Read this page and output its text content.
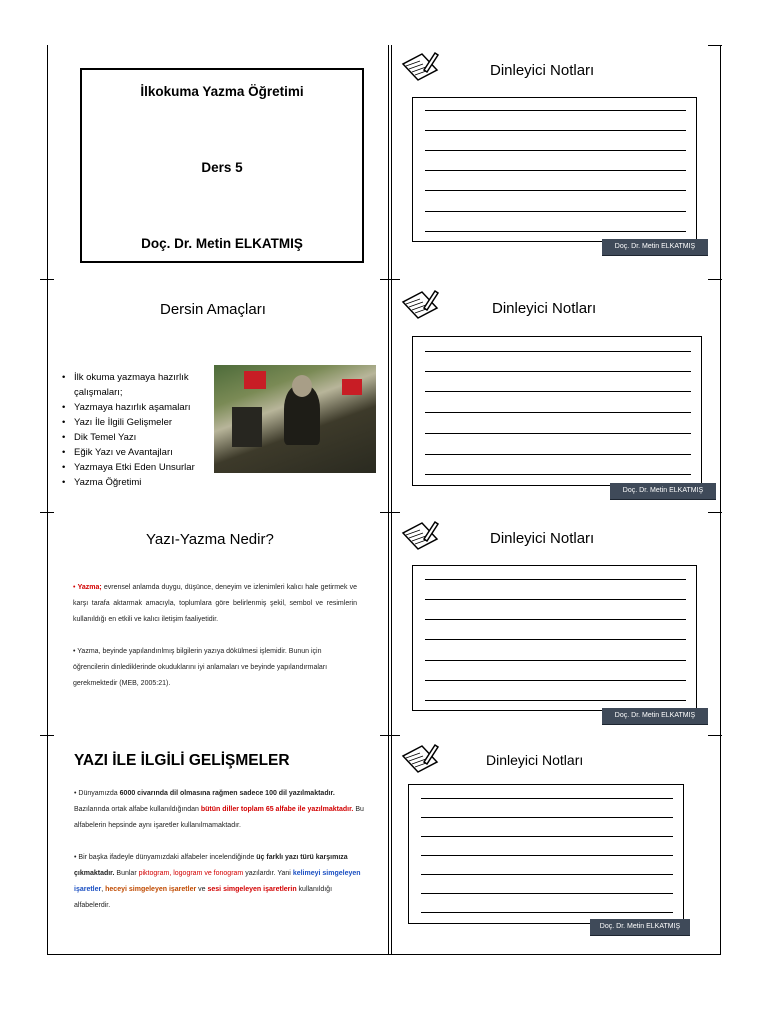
İlkokuma Yazma Öğretimi
Ders 5
Doç. Dr. Metin ELKATMIŞ
Dersin Amaçları
• İlk okuma yazmaya hazırlık çalışmaları;
• Yazmaya hazırlık aşamaları
• Yazı İle İlgili Gelişmeler
• Dik Temel Yazı
• Eğik Yazı ve Avantajları
• Yazmaya Etki Eden Unsurlar
• Yazma Öğretimi
Yazı-Yazma Nedir?
• Yazma; evrensel anlamda duygu, düşünce, deneyim ve izlenimleri kalıcı hale getirmek ve karşı tarafa aktarmak amacıyla, toplumlara göre belirlenmiş şekil, sembol ve resimlerin kullanıldığı en etkili ve kalıcı iletişim faaliyetidir.
• Yazma, beyinde yapılandırılmış bilgilerin yazıya dökülmesi işlemidir. Bunun için öğrencilerin dinlediklerinde okuduklarını iyi anlamaları ve beyinde yapılandırmaları gerekmektedir (MEB, 2005:21).
YAZI İLE İLGİLİ GELİŞMELER
• Dünyamızda 6000 civarında dil olmasına rağmen sadece 100 dil yazılmaktadır. Bazılarında ortak alfabe kullanıldığından bütün diller toplam 65 alfabe ile yazılmaktadır. Bu alfabelerin hepsinde aynı işaretler kullanılmamaktadır.
• Bir başka ifadeyle dünyamızdaki alfabeler incelendiğinde üç farklı yazı türü karşımıza çıkmaktadır. Bunlar piktogram, logogram ve fonogram yazılardır. Yani kelimeyi simgeleyen işaretler, heceyi simgeleyen işaretler ve sesi simgeleyen işaretlerin kullanıldığı alfabelerdir.
Dinleyici Notları
Doç. Dr. Metin ELKATMIŞ
Dinleyici Notları
Doç. Dr. Metin ELKATMIŞ
Dinleyici Notları
Doç. Dr. Metin ELKATMIŞ
Dinleyici Notları
Doç. Dr. Metin ELKATMIŞ
